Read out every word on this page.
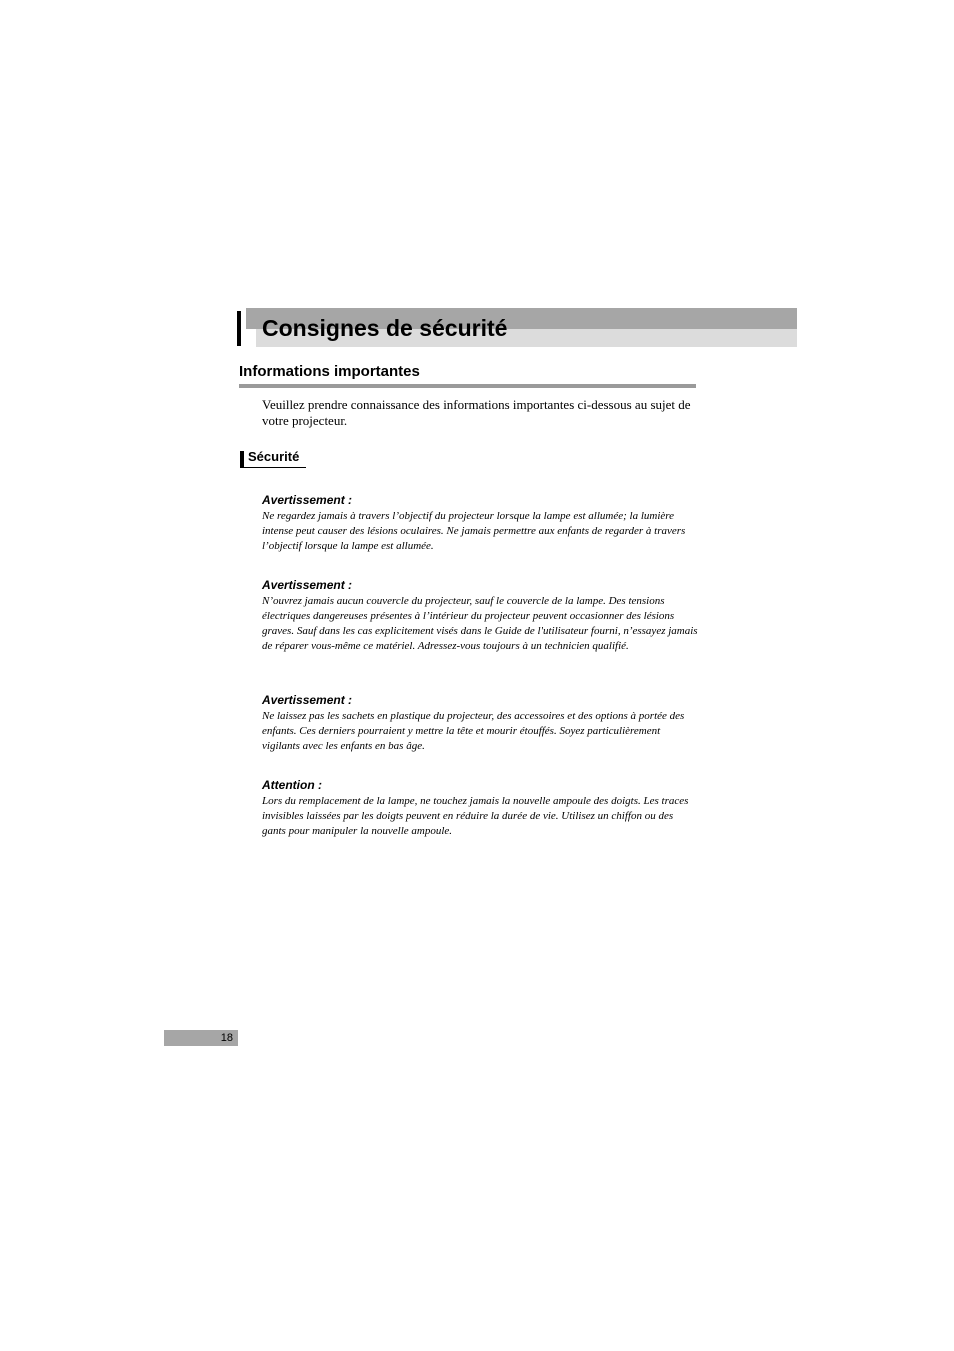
Consignes de sécurité
Informations importantes

Veuillez prendre connaissance des informations importantes ci-dessous au sujet de votre projecteur.

Sécurité

Avertissement :

Ne regardez jamais à travers l’objectif du projecteur lorsque la lampe est allumée; la lumière intense peut causer des lésions oculaires. Ne jamais permettre aux enfants de regarder à travers l’objectif lorsque la lampe est allumée.

Avertissement :

N’ouvrez jamais aucun couvercle du projecteur, sauf le couvercle de la lampe. Des tensions électriques dangereuses présentes à l’intérieur du projecteur peuvent occasionner des lésions graves. Sauf dans les cas explicitement visés dans le Guide de l'utilisateur fourni, n’essayez jamais de réparer vous-même ce matériel. Adressez-vous toujours à un technicien qualifié.

Avertissement :

Ne laissez pas les sachets en plastique du projecteur, des accessoires et des options à portée des enfants. Ces derniers pourraient y mettre la tête et mourir étouffés. Soyez particulièrement vigilants avec les enfants en bas âge.

Attention :

Lors du remplacement de la lampe, ne touchez jamais la nouvelle ampoule des doigts. Les traces invisibles laissées par les doigts peuvent en réduire la durée de vie. Utilisez un chiffon ou des gants pour manipuler la nouvelle ampoule.

18
